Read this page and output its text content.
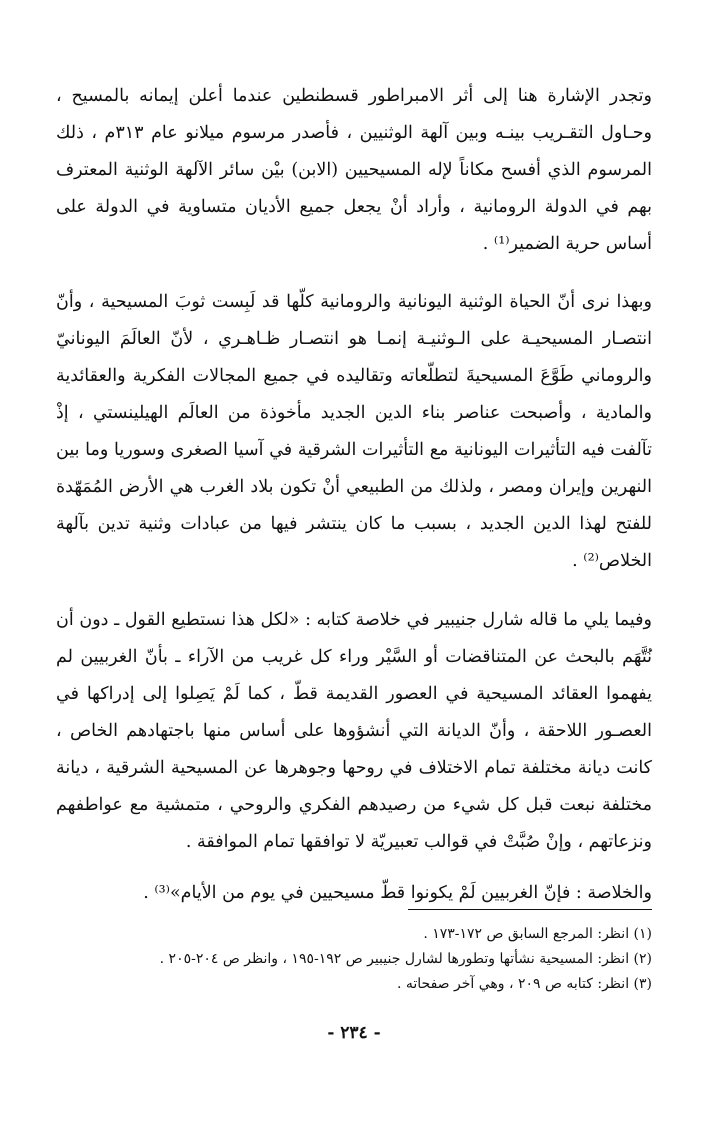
وتجدر الإشارة هنا إلى أثر الامبراطور قسطنطين عندما أعلن إيمانه بالمسيح ، وحـاول التقـريب بينـه وبين آلهة الوثنيين ، فأصدر مرسوم ميلانو عام ٣١٣م ، ذلك المرسوم الذي أفسح مكاناً لإله المسيحيين (الابن) بيْن سائر الآلهة الوثنية المعترف بهم في الدولة الرومانية ، وأراد أنْ يجعل جميع الأديان متساوية في الدولة على أساس حرية الضمير⁽¹⁾ .

وبهذا نرى أنّ الحياة الوثنية اليونانية والرومانية كلّها قد لَبِست ثوبَ المسيحية ، وأنّ انتصـار المسيحيـة على الـوثنيـة إنمـا هو انتصـار ظـاهـري ، لأنّ العالَمَ اليونانيّ والروماني طَوَّعَ المسيحيةَ لتطلّعاته وتقاليده في جميع المجالات الفكرية والعقائدية والمادية ، وأصبحت عناصر بناء الدين الجديد مأخوذة من العالَم الهيلينستي ، إذْ تآلفت فيه التأثيرات اليونانية مع التأثيرات الشرقية في آسيا الصغرى وسوريا وما بين النهرين وإيران ومصر ، ولذلك من الطبيعي أنْ تكون بلاد الغرب هي الأرض المُمَهّدة للفتح لهذا الدين الجديد ، بسبب ما كان ينتشر فيها من عبادات وثنية تدين بآلهة الخلاص⁽²⁾ .

وفيما يلي ما قاله شارل جنيبير في خلاصة كتابه : «لكل هذا نستطيع القول ـ دون أن نُتَّهَم بالبحث عن المتناقضات أو السَّيْر وراء كل غريب من الآراء ـ بأنّ الغربيين لم يفهموا العقائد المسيحية في العصور القديمة قطّ ، كما لَمْ يَصِلوا إلى إدراكها في العصـور اللاحقة ، وأنّ الديانة التي أنشؤوها على أساس منها باجتهادهم الخاص ، كانت ديانة مختلفة تمام الاختلاف في روحها وجوهرها عن المسيحية الشرقية ، ديانة مختلفة نبعت قبل كل شيء من رصيدهم الفكري والروحي ، متمشية مع عواطفهم ونزعاتهم ، وإنْ صُبَّتْ في قوالب تعبيريّة لا توافقها تمام الموافقة .

والخلاصة : فإنّ الغربيين لَمْ يكونوا قطّ مسيحيين في يوم من الأيام»⁽³⁾ .

(١) انظر: المرجع السابق ص ١٧٢-١٧٣ .

(٢) انظر: المسيحية نشأتها وتطورها لشارل جنيبير ص ١٩٢-١٩٥ ، وانظر ص ٢٠٤-٢٠٥ .

(٣) انظر: كتابه ص ٢٠٩ ، وهي آخر صفحاته .

- ٢٣٤ -
